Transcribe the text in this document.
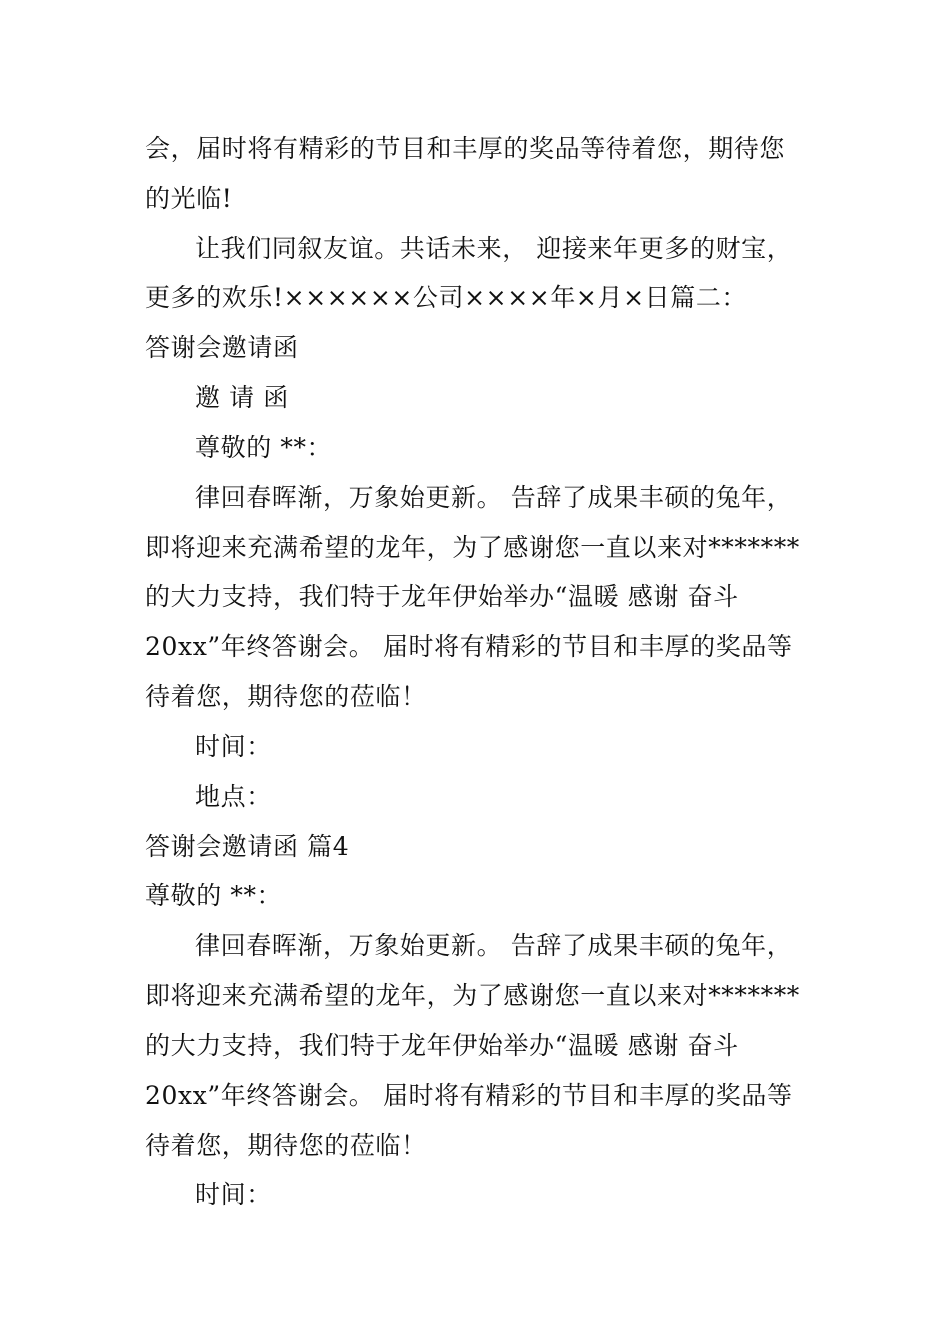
会，届时将有精彩的节目和丰厚的奖品等待着您，期待您

的光临!

让我们同叙友谊。共话未来， 迎接来年更多的财宝，

更多的欢乐!××××××公司××××年×月×日篇二：

答谢会邀请函

邀 请 函

尊敬的 **：

律回春晖渐，万象始更新。 告辞了成果丰硕的兔年，

即将迎来充满希望的龙年，为了感谢您一直以来对*******

的大力支持，我们特于龙年伊始举办“温暖 感谢 奋斗

20xx”年终答谢会。 届时将有精彩的节目和丰厚的奖品等

待着您，期待您的莅临！

时间：

地点：

答谢会邀请函 篇4

尊敬的 **：

律回春晖渐，万象始更新。 告辞了成果丰硕的兔年，

即将迎来充满希望的龙年，为了感谢您一直以来对*******

的大力支持，我们特于龙年伊始举办“温暖 感谢 奋斗

20xx”年终答谢会。 届时将有精彩的节目和丰厚的奖品等

待着您，期待您的莅临！

时间：
